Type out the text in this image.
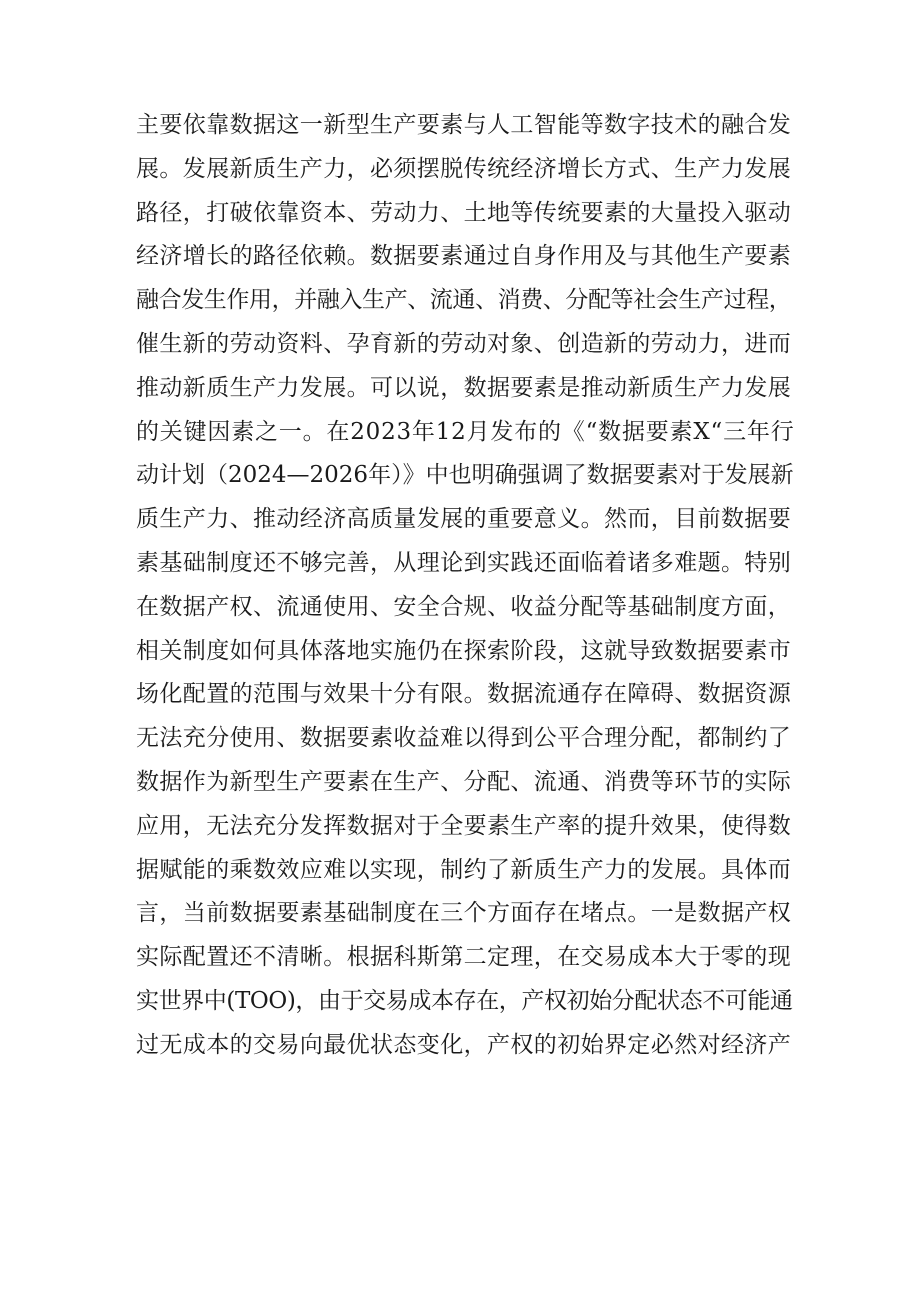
主要依靠数据这一新型生产要素与人工智能等数字技术的融合发
展。发展新质生产力，必须摆脱传统经济增长方式、生产力发展
路径，打破依靠资本、劳动力、土地等传统要素的大量投入驱动
经济增长的路径依赖。数据要素通过自身作用及与其他生产要素
融合发生作用，并融入生产、流通、消费、分配等社会生产过程，
催生新的劳动资料、孕育新的劳动对象、创造新的劳动力，进而
推动新质生产力发展。可以说，数据要素是推动新质生产力发展
的关键因素之一。在2023年12月发布的《“数据要素X“三年行
动计划（2024—2026年）》中也明确强调了数据要素对于发展新
质生产力、推动经济高质量发展的重要意义。然而，目前数据要
素基础制度还不够完善，从理论到实践还面临着诸多难题。特别
在数据产权、流通使用、安全合规、收益分配等基础制度方面，
相关制度如何具体落地实施仍在探索阶段，这就导致数据要素市
场化配置的范围与效果十分有限。数据流通存在障碍、数据资源
无法充分使用、数据要素收益难以得到公平合理分配，都制约了
数据作为新型生产要素在生产、分配、流通、消费等环节的实际
应用，无法充分发挥数据对于全要素生产率的提升效果，使得数
据赋能的乘数效应难以实现，制约了新质生产力的发展。具体而
言，当前数据要素基础制度在三个方面存在堵点。一是数据产权
实际配置还不清晰。根据科斯第二定理，在交易成本大于零的现
实世界中(TOO)，由于交易成本存在，产权初始分配状态不可能通
过无成本的交易向最优状态变化，产权的初始界定必然对经济产
